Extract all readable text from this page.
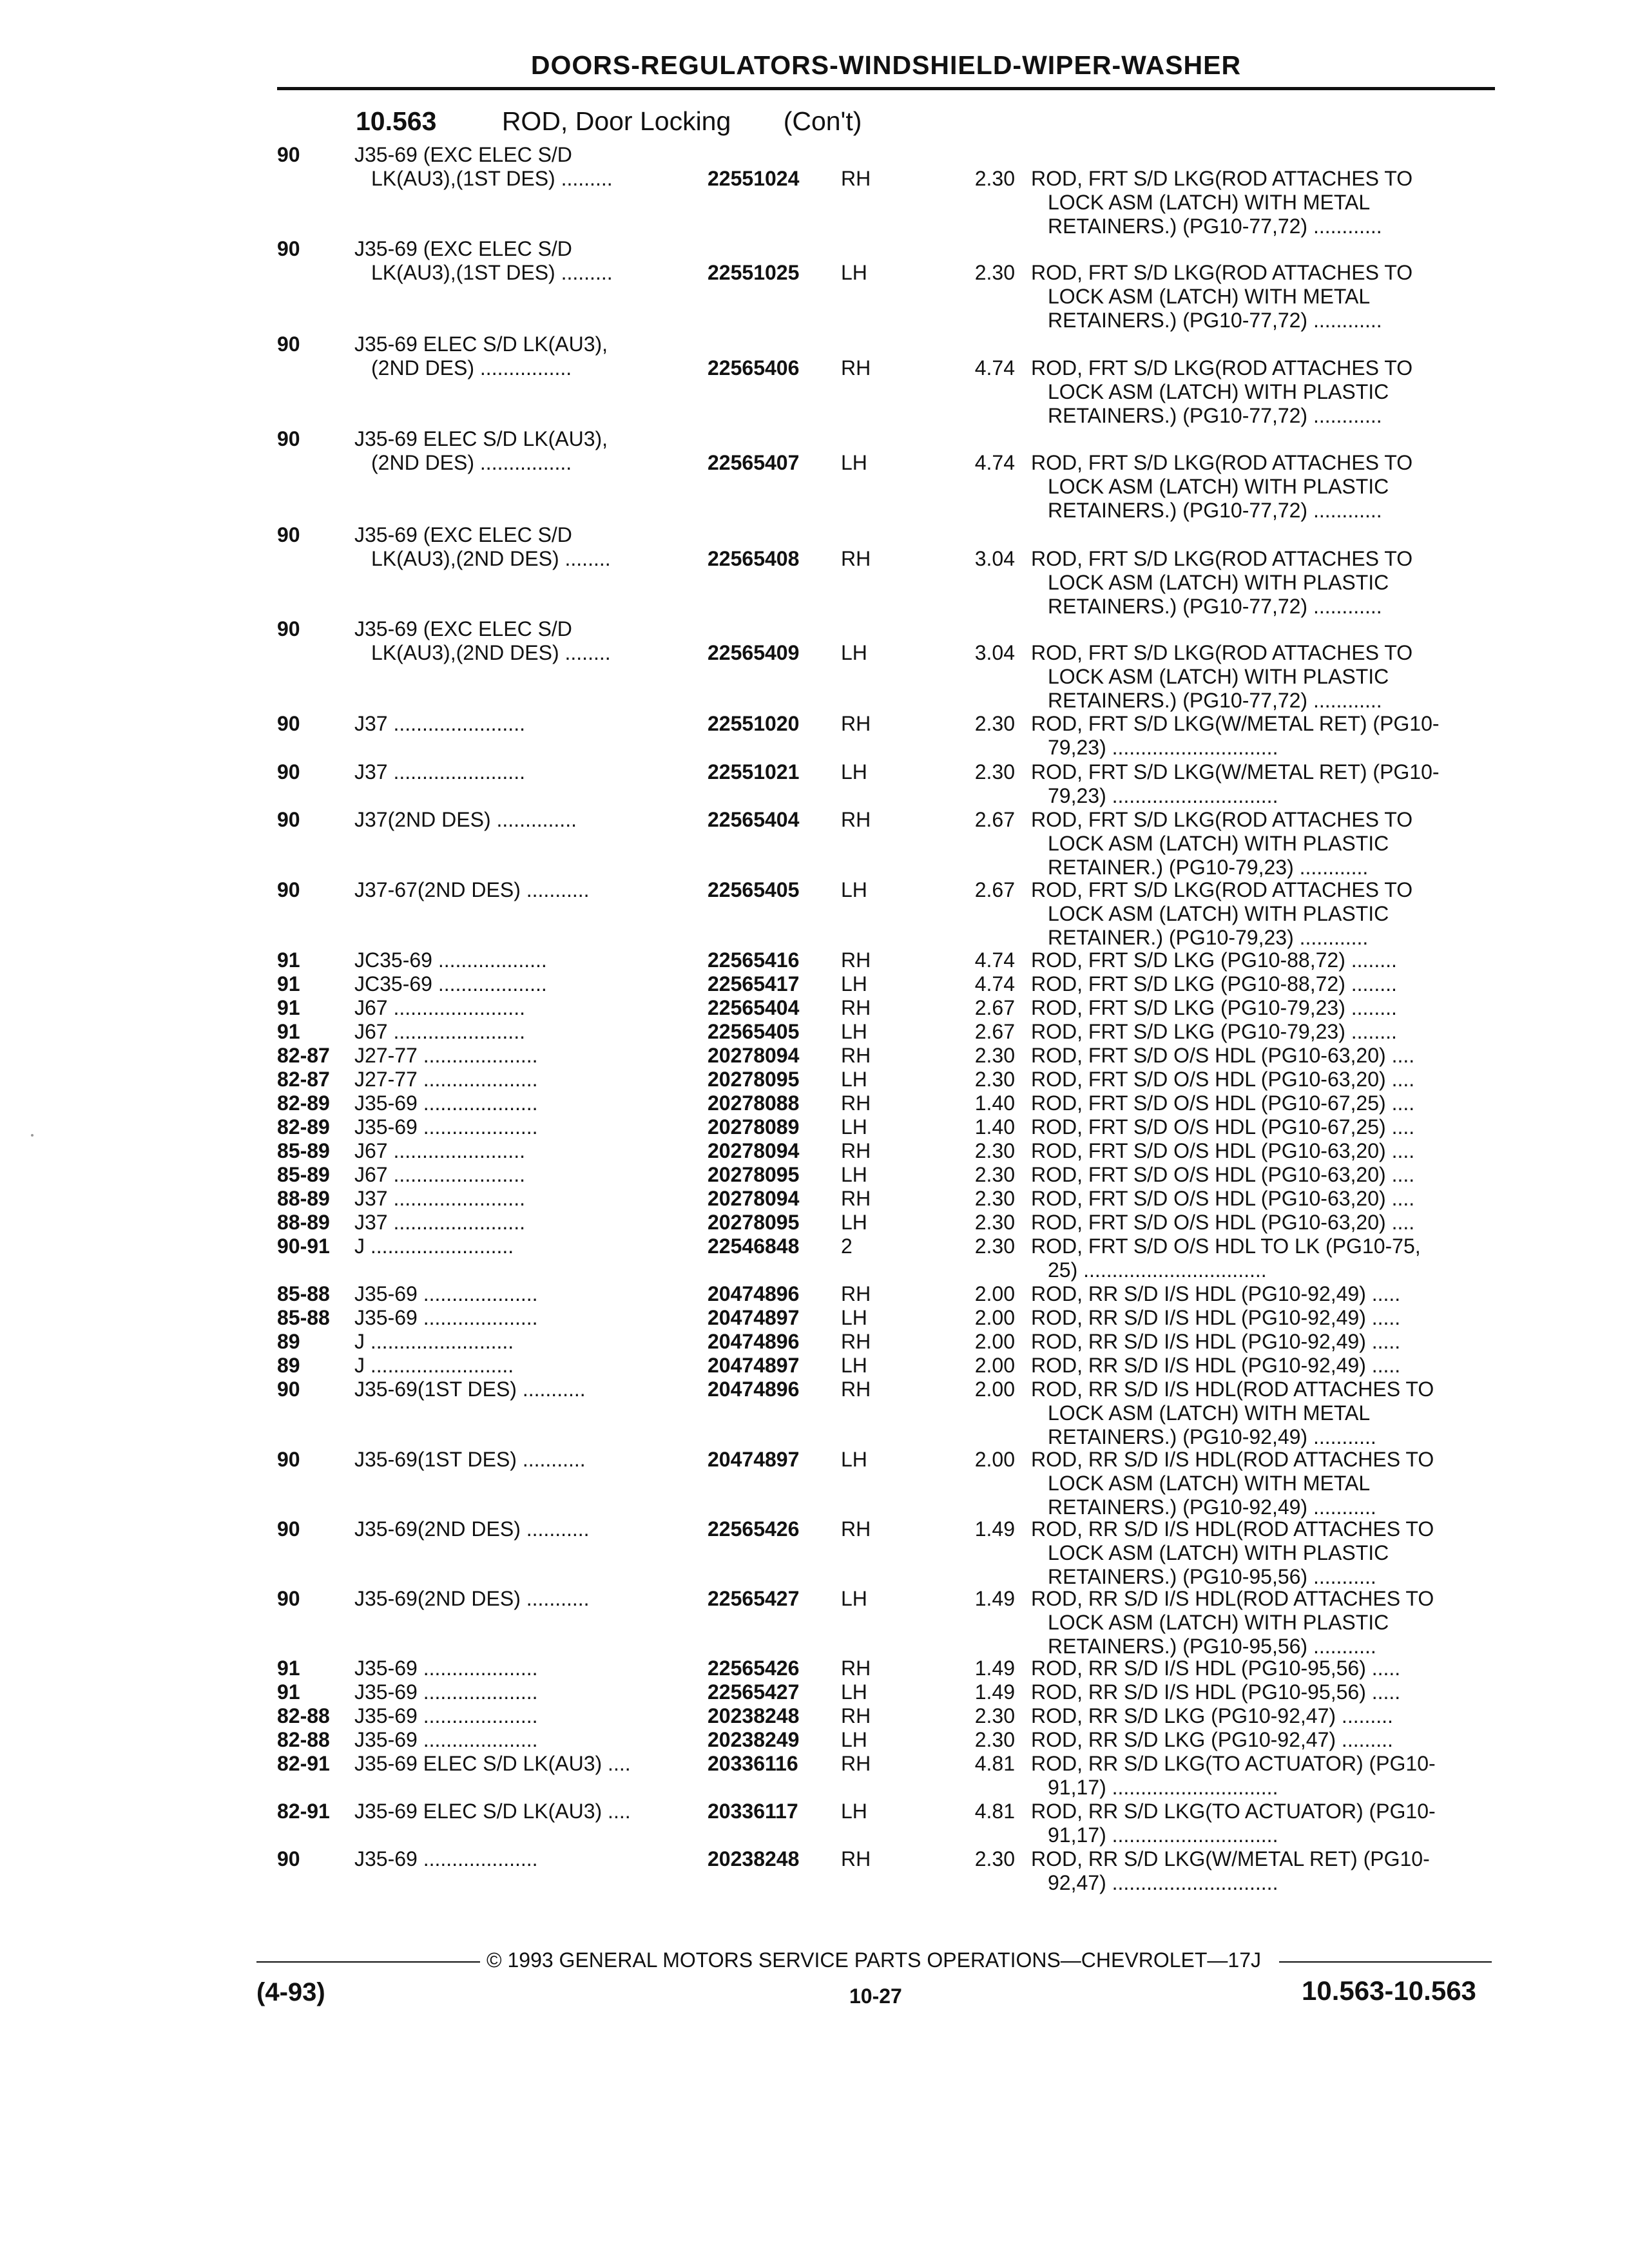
DOORS-REGULATORS-WINDSHIELD-WIPER-WASHER
10.563 ROD, Door Locking (Con't)
90	J35-69 (EXC ELEC S/D
LK(AU3),(1ST DES) .........	22551024 RH	2.30 ROD, FRT S/D LKG(ROD ATTACHES TO
LOCK ASM (LATCH) WITH METAL
RETAINERS.) (PG10-77,72) ............
90	J35-69 (EXC ELEC S/D
LK(AU3),(1ST DES) .........	22551025 LH	2.30 ROD, FRT S/D LKG(ROD ATTACHES TO
LOCK ASM (LATCH) WITH METAL
RETAINERS.) (PG10-77,72) ............
90	J35-69 ELEC S/D LK(AU3),
(2ND DES) ................	22565406 RH	4.74 ROD, FRT S/D LKG(ROD ATTACHES TO
LOCK ASM (LATCH) WITH PLASTIC
RETAINERS.) (PG10-77,72) ............
90	J35-69 ELEC S/D LK(AU3),
(2ND DES) ................	22565407 LH	4.74 ROD, FRT S/D LKG(ROD ATTACHES TO
LOCK ASM (LATCH) WITH PLASTIC
RETAINERS.) (PG10-77,72) ............
90	J35-69 (EXC ELEC S/D
LK(AU3),(2ND DES) ........	22565408 RH	3.04 ROD, FRT S/D LKG(ROD ATTACHES TO
LOCK ASM (LATCH) WITH PLASTIC
RETAINERS.) (PG10-77,72) ............
90	J35-69 (EXC ELEC S/D
LK(AU3),(2ND DES) ........	22565409 LH	3.04 ROD, FRT S/D LKG(ROD ATTACHES TO
LOCK ASM (LATCH) WITH PLASTIC
RETAINERS.) (PG10-77,72) ............
90	J37 .......................	22551020 RH	2.30 ROD, FRT S/D LKG(W/METAL RET) (PG10-
79,23) .............................
90	J37 .......................	22551021 LH	2.30 ROD, FRT S/D LKG(W/METAL RET) (PG10-
79,23) .............................
90	J37(2ND DES) ..............	22565404 RH	2.67 ROD, FRT S/D LKG(ROD ATTACHES TO
LOCK ASM (LATCH) WITH PLASTIC
RETAINER.) (PG10-79,23) ............
90	J37-67(2ND DES) ...........	22565405 LH	2.67 ROD, FRT S/D LKG(ROD ATTACHES TO
LOCK ASM (LATCH) WITH PLASTIC
RETAINER.) (PG10-79,23) ............
91	JC35-69 ...................	22565416 RH	4.74 ROD, FRT S/D LKG (PG10-88,72) ........
91	JC35-69 ...................	22565417 LH	4.74 ROD, FRT S/D LKG (PG10-88,72) ........
91	J67 .......................	22565404 RH	2.67 ROD, FRT S/D LKG (PG10-79,23) ........
91	J67 .......................	22565405 LH	2.67 ROD, FRT S/D LKG (PG10-79,23) ........
82-87 J27-77 ....................	20278094 RH	2.30 ROD, FRT S/D O/S HDL (PG10-63,20) ....
82-87 J27-77 ....................	20278095 LH	2.30 ROD, FRT S/D O/S HDL (PG10-63,20) ....
82-89 J35-69 ....................	20278088 RH	1.40 ROD, FRT S/D O/S HDL (PG10-67,25) ....
82-89 J35-69 ....................	20278089 LH	1.40 ROD, FRT S/D O/S HDL (PG10-67,25) ....
85-89 J67 .......................	20278094 RH	2.30 ROD, FRT S/D O/S HDL (PG10-63,20) ....
85-89 J67 .......................	20278095 LH	2.30 ROD, FRT S/D O/S HDL (PG10-63,20) ....
88-89 J37 .......................	20278094 RH	2.30 ROD, FRT S/D O/S HDL (PG10-63,20) ....
88-89 J37 .......................	20278095 LH	2.30 ROD, FRT S/D O/S HDL (PG10-63,20) ....
90-91 J .........................	22546848 2	2.30 ROD, FRT S/D O/S HDL TO LK (PG10-75,
25) ................................
85-88 J35-69 ....................	20474896 RH	2.00 ROD, RR S/D I/S HDL (PG10-92,49) .....
85-88 J35-69 ....................	20474897 LH	2.00 ROD, RR S/D I/S HDL (PG10-92,49) .....
89	J .........................	20474896 RH	2.00 ROD, RR S/D I/S HDL (PG10-92,49) .....
89	J .........................	20474897 LH	2.00 ROD, RR S/D I/S HDL (PG10-92,49) .....
90	J35-69(1ST DES) ...........	20474896 RH	2.00 ROD, RR S/D I/S HDL(ROD ATTACHES TO
LOCK ASM (LATCH) WITH METAL
RETAINERS.) (PG10-92,49) ...........
90	J35-69(1ST DES) ...........	20474897 LH	2.00 ROD, RR S/D I/S HDL(ROD ATTACHES TO
LOCK ASM (LATCH) WITH METAL
RETAINERS.) (PG10-92,49) ...........
90	J35-69(2ND DES) ...........	22565426 RH	1.49 ROD, RR S/D I/S HDL(ROD ATTACHES TO
LOCK ASM (LATCH) WITH PLASTIC
RETAINERS.) (PG10-95,56) ...........
90	J35-69(2ND DES) ...........	22565427 LH	1.49 ROD, RR S/D I/S HDL(ROD ATTACHES TO
LOCK ASM (LATCH) WITH PLASTIC
RETAINERS.) (PG10-95,56) ...........
91	J35-69 ....................	22565426 RH	1.49 ROD, RR S/D I/S HDL (PG10-95,56) .....
91	J35-69 ....................	22565427 LH	1.49 ROD, RR S/D I/S HDL (PG10-95,56) .....
82-88 J35-69 ....................	20238248 RH	2.30 ROD, RR S/D LKG (PG10-92,47) .........
82-88 J35-69 ....................	20238249 LH	2.30 ROD, RR S/D LKG (PG10-92,47) .........
82-91 J35-69 ELEC S/D LK(AU3) ....	20336116 RH	4.81 ROD, RR S/D LKG(TO ACTUATOR) (PG10-
91,17) .............................
82-91 J35-69 ELEC S/D LK(AU3) ....	20336117 LH	4.81 ROD, RR S/D LKG(TO ACTUATOR) (PG10-
91,17) .............................
90	J35-69 ....................	20238248 RH	2.30 ROD, RR S/D LKG(W/METAL RET) (PG10-
92,47) .............................
© 1993 GENERAL MOTORS SERVICE PARTS OPERATIONS—CHEVROLET—17J
(4-93)	10-27	10.563-10.563
